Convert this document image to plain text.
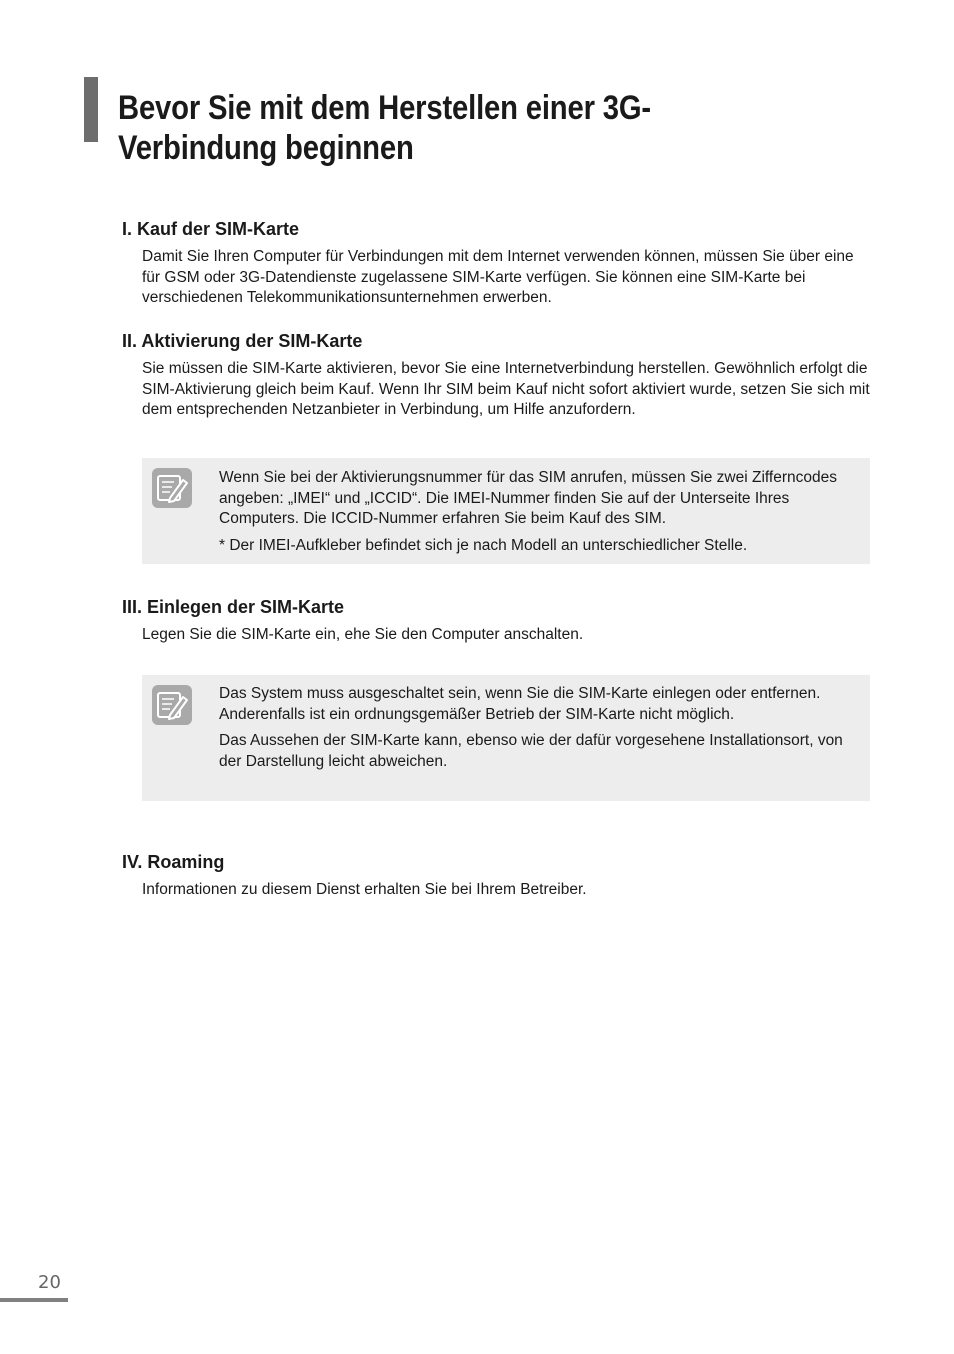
Bevor Sie mit dem Herstellen einer 3G-Verbindung beginnen
I. Kauf der SIM-Karte

Damit Sie Ihren Computer für Verbindungen mit dem Internet verwenden können, müssen Sie über eine für GSM oder 3G-Datendienste zugelassene SIM-Karte verfügen. Sie können eine SIM-Karte bei verschiedenen Telekommunikationsunternehmen erwerben.

II. Aktivierung der SIM-Karte

Sie müssen die SIM-Karte aktivieren, bevor Sie eine Internetverbindung herstellen. Gewöhnlich erfolgt die SIM-Aktivierung gleich beim Kauf. Wenn Ihr SIM beim Kauf nicht sofort aktiviert wurde, setzen Sie sich mit dem entsprechenden Netzanbieter in Verbindung, um Hilfe anzufordern.

Wenn Sie bei der Aktivierungsnummer für das SIM anrufen, müssen Sie zwei Zifferncodes angeben: „IMEI“ und „ICCID“. Die IMEI-Nummer finden Sie auf der Unterseite Ihres Computers. Die ICCID-Nummer erfahren Sie beim Kauf des SIM.

* Der IMEI-Aufkleber befindet sich je nach Modell an unterschiedlicher Stelle.

III. Einlegen der SIM-Karte

Legen Sie die SIM-Karte ein, ehe Sie den Computer anschalten.

Das System muss ausgeschaltet sein, wenn Sie die SIM-Karte einlegen oder entfernen. Anderenfalls ist ein ordnungsgemäßer Betrieb der SIM-Karte nicht möglich.

Das Aussehen der SIM-Karte kann, ebenso wie der dafür vorgesehene Installationsort, von der Darstellung leicht abweichen.

IV. Roaming

Informationen zu diesem Dienst erhalten Sie bei Ihrem Betreiber.

20
